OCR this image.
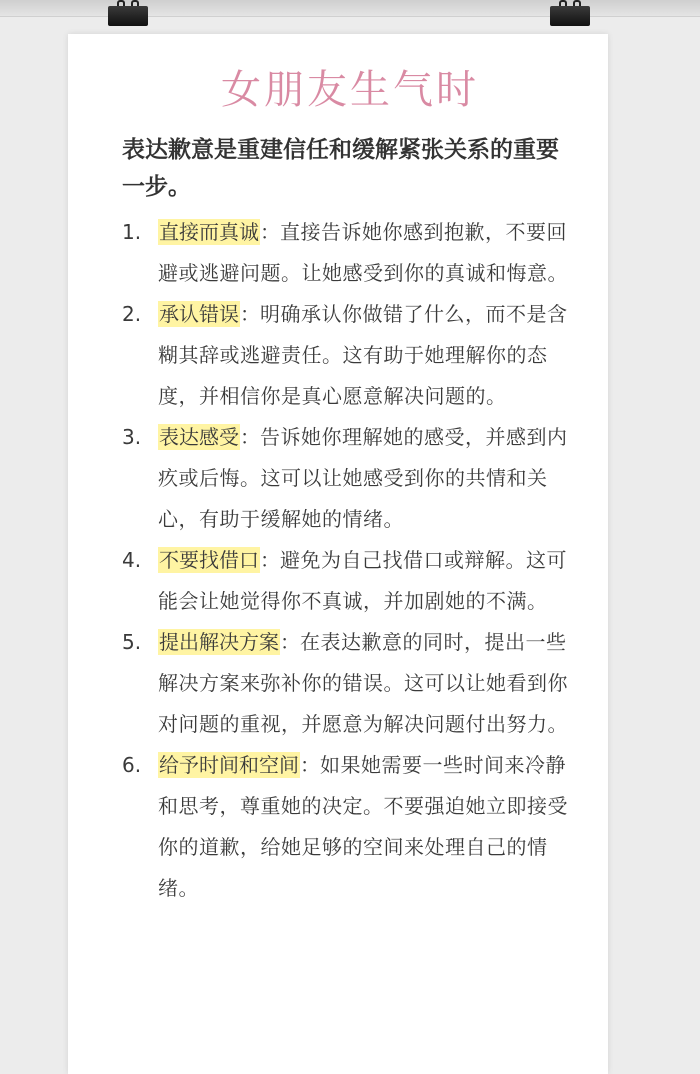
女朋友生气时

表达歉意是重建信任和缓解紧张关系的重要一步。

1. 直接而真诚：直接告诉她你感到抱歉，不要回避或逃避问题。让她感受到你的真诚和悔意。
2. 承认错误：明确承认你做错了什么，而不是含糊其辞或逃避责任。这有助于她理解你的态度，并相信你是真心愿意解决问题的。
3. 表达感受：告诉她你理解她的感受，并感到内疚或后悔。这可以让她感受到你的共情和关心，有助于缓解她的情绪。
4. 不要找借口：避免为自己找借口或辩解。这可能会让她觉得你不真诚，并加剧她的不满。
5. 提出解决方案：在表达歉意的同时，提出一些解决方案来弥补你的错误。这可以让她看到你对问题的重视，并愿意为解决问题付出努力。
6. 给予时间和空间：如果她需要一些时间来冷静和思考，尊重她的决定。不要强迫她立即接受你的道歉，给她足够的空间来处理自己的情绪。
